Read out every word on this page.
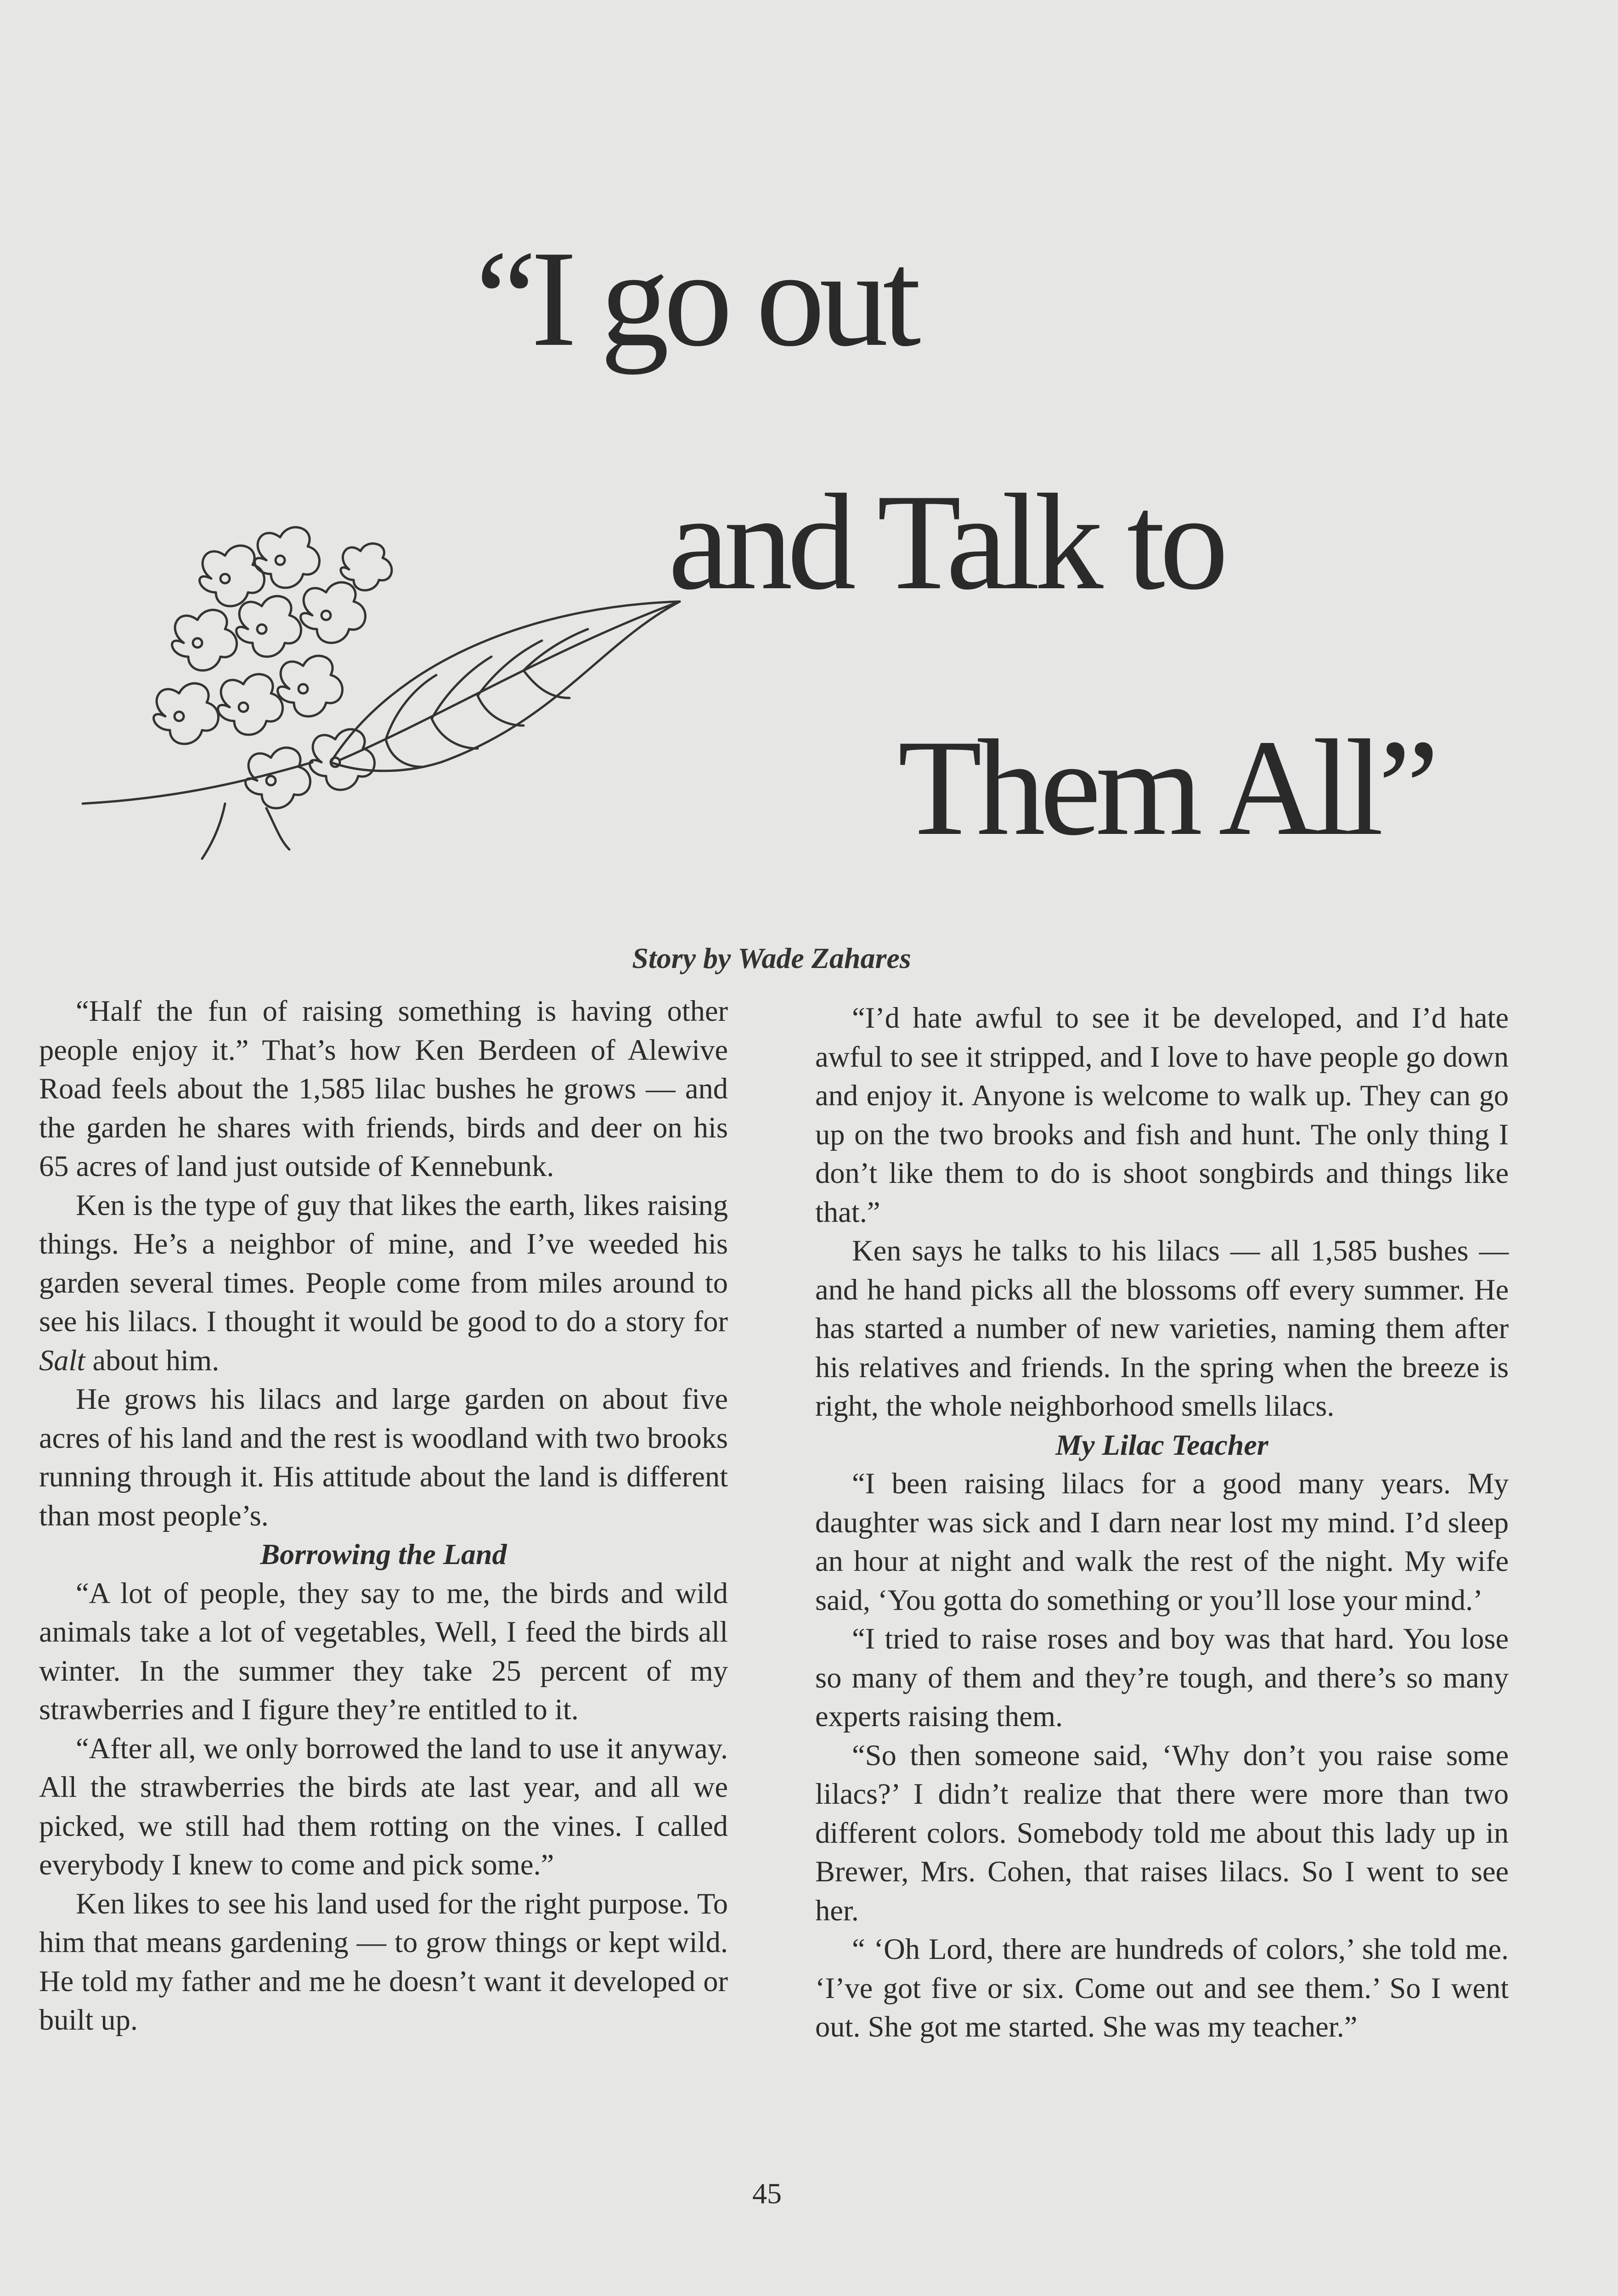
“I go out
and Talk to
Them All”
Story by Wade Zahares

“Half the fun of raising something is having other people enjoy it.” That’s how Ken Berdeen of Alewive Road feels about the 1,585 lilac bushes he grows — and the garden he shares with friends, birds and deer on his 65 acres of land just outside of Kennebunk.

Ken is the type of guy that likes the earth, likes raising things. He’s a neighbor of mine, and I’ve weeded his garden several times. People come from miles around to see his lilacs. I thought it would be good to do a story for Salt about him.

He grows his lilacs and large garden on about five acres of his land and the rest is woodland with two brooks running through it. His attitude about the land is different than most people’s.

Borrowing the Land

“A lot of people, they say to me, the birds and wild animals take a lot of vegetables, Well, I feed the birds all winter. In the summer they take 25 percent of my strawberries and I figure they’re entitled to it.

“After all, we only borrowed the land to use it anyway. All the strawberries the birds ate last year, and all we picked, we still had them rotting on the vines. I called everybody I knew to come and pick some.”

Ken likes to see his land used for the right purpose. To him that means gardening — to grow things or kept wild. He told my father and me he doesn’t want it developed or built up.

“I’d hate awful to see it be developed, and I’d hate awful to see it stripped, and I love to have people go down and enjoy it. Anyone is welcome to walk up. They can go up on the two brooks and fish and hunt. The only thing I don’t like them to do is shoot songbirds and things like that.”

Ken says he talks to his lilacs — all 1,585 bushes — and he hand picks all the blossoms off every summer. He has started a number of new varieties, naming them after his relatives and friends. In the spring when the breeze is right, the whole neighborhood smells lilacs.

My Lilac Teacher

“I been raising lilacs for a good many years. My daughter was sick and I darn near lost my mind. I’d sleep an hour at night and walk the rest of the night. My wife said, ‘You gotta do something or you’ll lose your mind.’

“I tried to raise roses and boy was that hard. You lose so many of them and they’re tough, and there’s so many experts raising them.

“So then someone said, ‘Why don’t you raise some lilacs?’ I didn’t realize that there were more than two different colors. Somebody told me about this lady up in Brewer, Mrs. Cohen, that raises lilacs. So I went to see her.

“ ‘Oh Lord, there are hundreds of colors,’ she told me. ‘I’ve got five or six. Come out and see them.’ So I went out. She got me started. She was my teacher.”

45
